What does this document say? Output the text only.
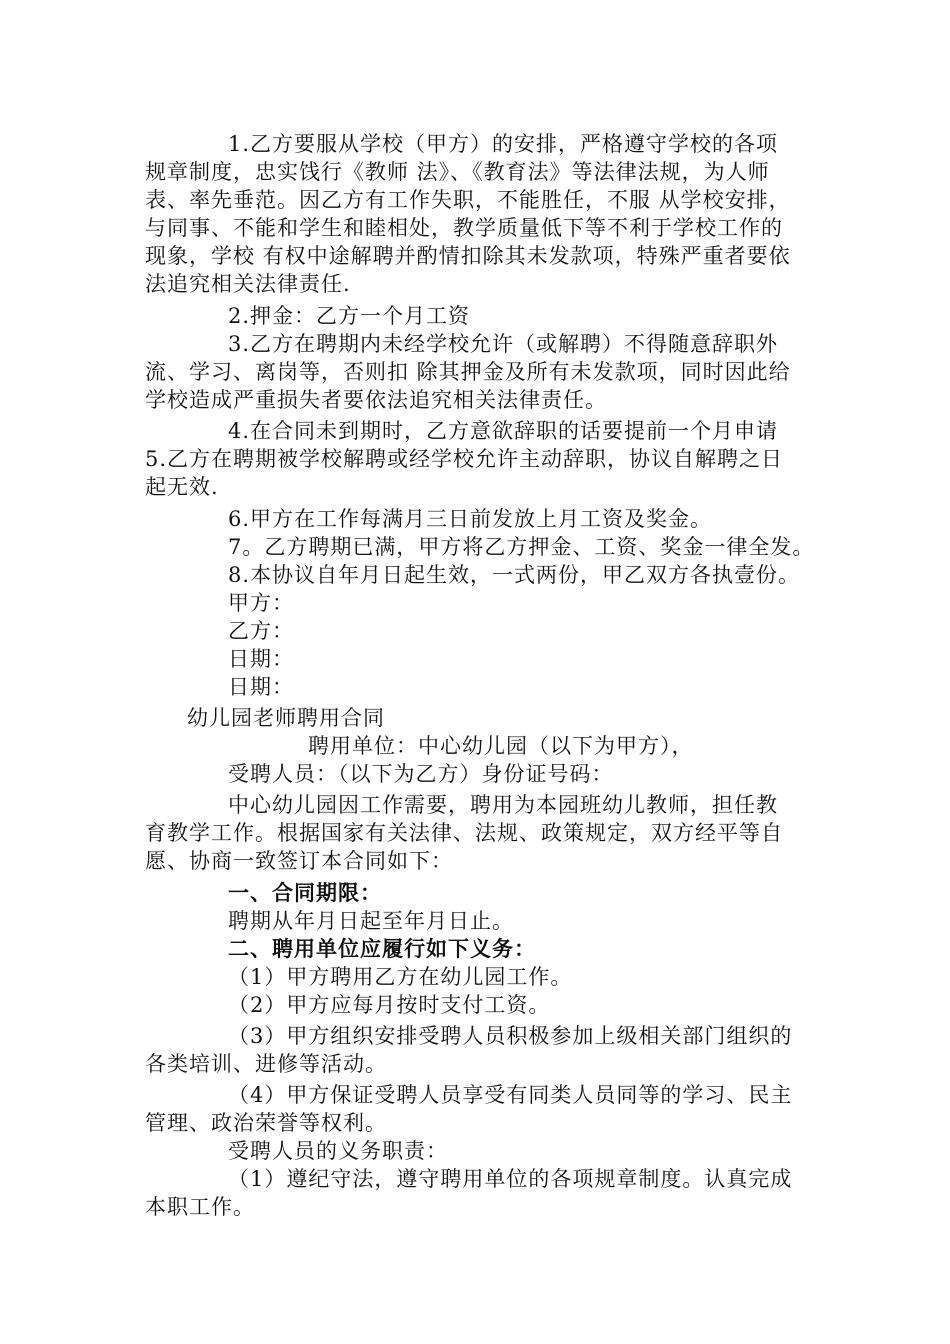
1.乙方要服从学校（甲方）的安排，严格遵守学校的各项
规章制度，忠实饯行《教师 法》、《教育法》等法律法规，为人师
表、率先垂范。因乙方有工作失职，不能胜任，不服 从学校安排，
与同事、不能和学生和睦相处，教学质量低下等不利于学校工作的
现象，学校 有权中途解聘并酌情扣除其未发款项，特殊严重者要依
法追究相关法律责任.
2.押金：乙方一个月工资
3.乙方在聘期内未经学校允许（或解聘）不得随意辞职外
流、学习、离岗等，否则扣 除其押金及所有未发款项，同时因此给
学校造成严重损失者要依法追究相关法律责任。
4.在合同未到期时，乙方意欲辞职的话要提前一个月申请
5.乙方在聘期被学校解聘或经学校允许主动辞职，协议自解聘之日
起无效.
6.甲方在工作每满月三日前发放上月工资及奖金。
7。乙方聘期已满，甲方将乙方押金、工资、奖金一律全发。
8.本协议自年月日起生效，一式两份，甲乙双方各执壹份。
甲方：
乙方：
日期：
日期：
幼儿园老师聘用合同
聘用单位：中心幼儿园（以下为甲方），
受聘人员：（以下为乙方）身份证号码：
中心幼儿园因工作需要，聘用为本园班幼儿教师，担任教
育教学工作。根据国家有关法律、法规、政策规定，双方经平等自
愿、协商一致签订本合同如下：
一、合同期限：
聘期从年月日起至年月日止。
二、聘用单位应履行如下义务：
（1）甲方聘用乙方在幼儿园工作。
（2）甲方应每月按时支付工资。
（3）甲方组织安排受聘人员积极参加上级相关部门组织的
各类培训、进修等活动。
（4）甲方保证受聘人员享受有同类人员同等的学习、民主
管理、政治荣誉等权利。
受聘人员的义务职责：
（1）遵纪守法，遵守聘用单位的各项规章制度。认真完成
本职工作。
